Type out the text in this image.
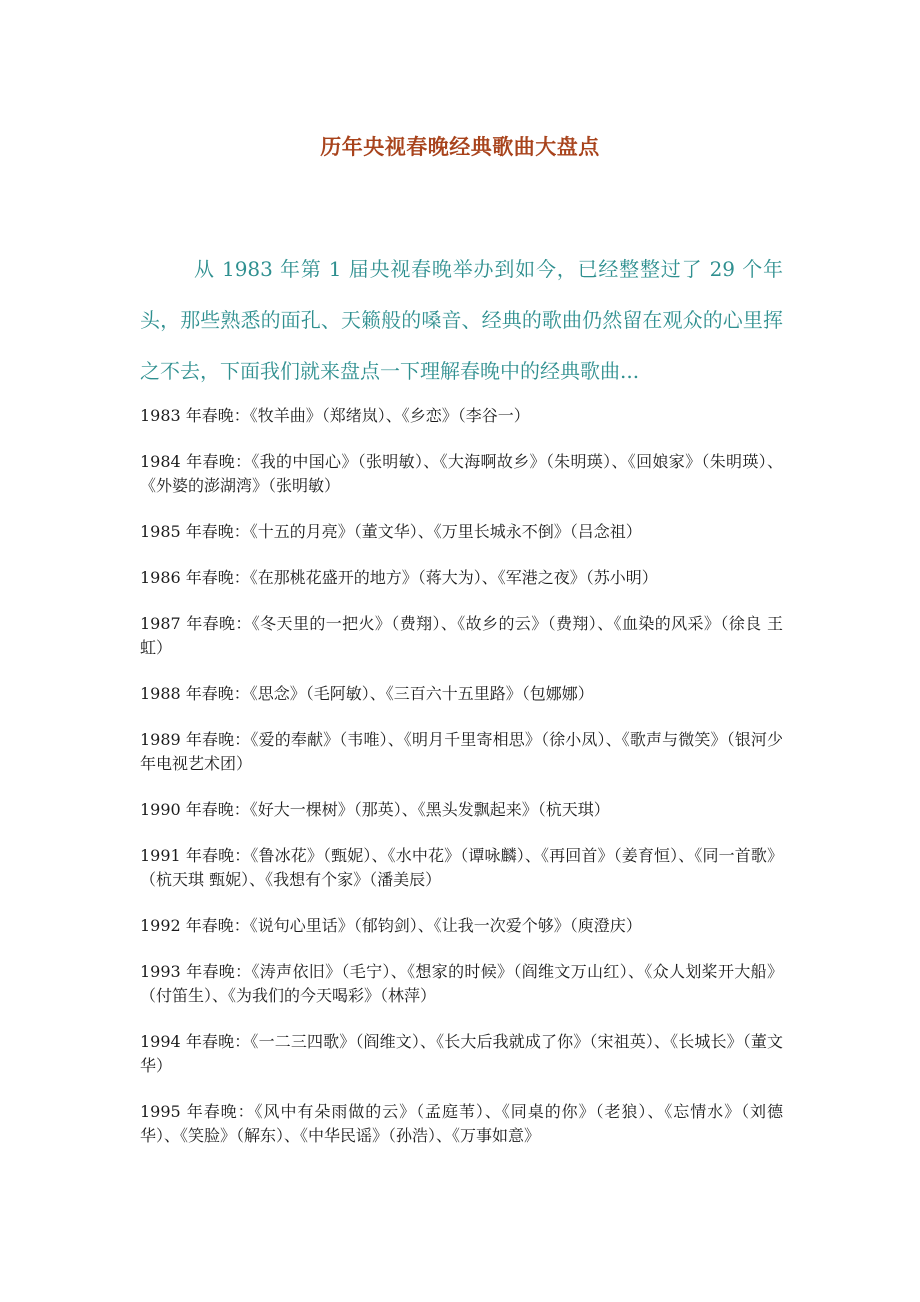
历年央视春晚经典歌曲大盘点

从 1983 年第 1 届央视春晚举办到如今，已经整整过了 29 个年头，那些熟悉的面孔、天籁般的嗓音、经典的歌曲仍然留在观众的心里挥之不去，下面我们就来盘点一下理解春晚中的经典歌曲...

1983 年春晚：《牧羊曲》（郑绪岚）、《乡恋》（李谷一）

1984 年春晚：《我的中国心》（张明敏）、《大海啊故乡》（朱明瑛）、《回娘家》（朱明瑛）、《外婆的澎湖湾》（张明敏）

1985 年春晚：《十五的月亮》（董文华）、《万里长城永不倒》（吕念祖）

1986 年春晚：《在那桃花盛开的地方》（蒋大为）、《军港之夜》（苏小明）

1987 年春晚：《冬天里的一把火》（费翔）、《故乡的云》（费翔）、《血染的风采》（徐良 王虹）

1988 年春晚：《思念》（毛阿敏）、《三百六十五里路》（包娜娜）

1989 年春晚：《爱的奉献》（韦唯）、《明月千里寄相思》（徐小凤）、《歌声与微笑》（银河少年电视艺术团）

1990 年春晚：《好大一棵树》（那英）、《黑头发飘起来》（杭天琪）

1991 年春晚：《鲁冰花》（甄妮）、《水中花》（谭咏麟）、《再回首》（姜育恒）、《同一首歌》（杭天琪 甄妮）、《我想有个家》（潘美辰）

1992 年春晚：《说句心里话》（郁钧剑）、《让我一次爱个够》（庾澄庆）

1993 年春晚：《涛声依旧》（毛宁）、《想家的时候》（阎维文万山红）、《众人划桨开大船》（付笛生）、《为我们的今天喝彩》（林萍）

1994 年春晚：《一二三四歌》（阎维文）、《长大后我就成了你》（宋祖英）、《长城长》（董文华）

1995 年春晚：《风中有朵雨做的云》（孟庭苇）、《同桌的你》（老狼）、《忘情水》（刘德华）、《笑脸》（解东）、《中华民谣》（孙浩）、《万事如意》
